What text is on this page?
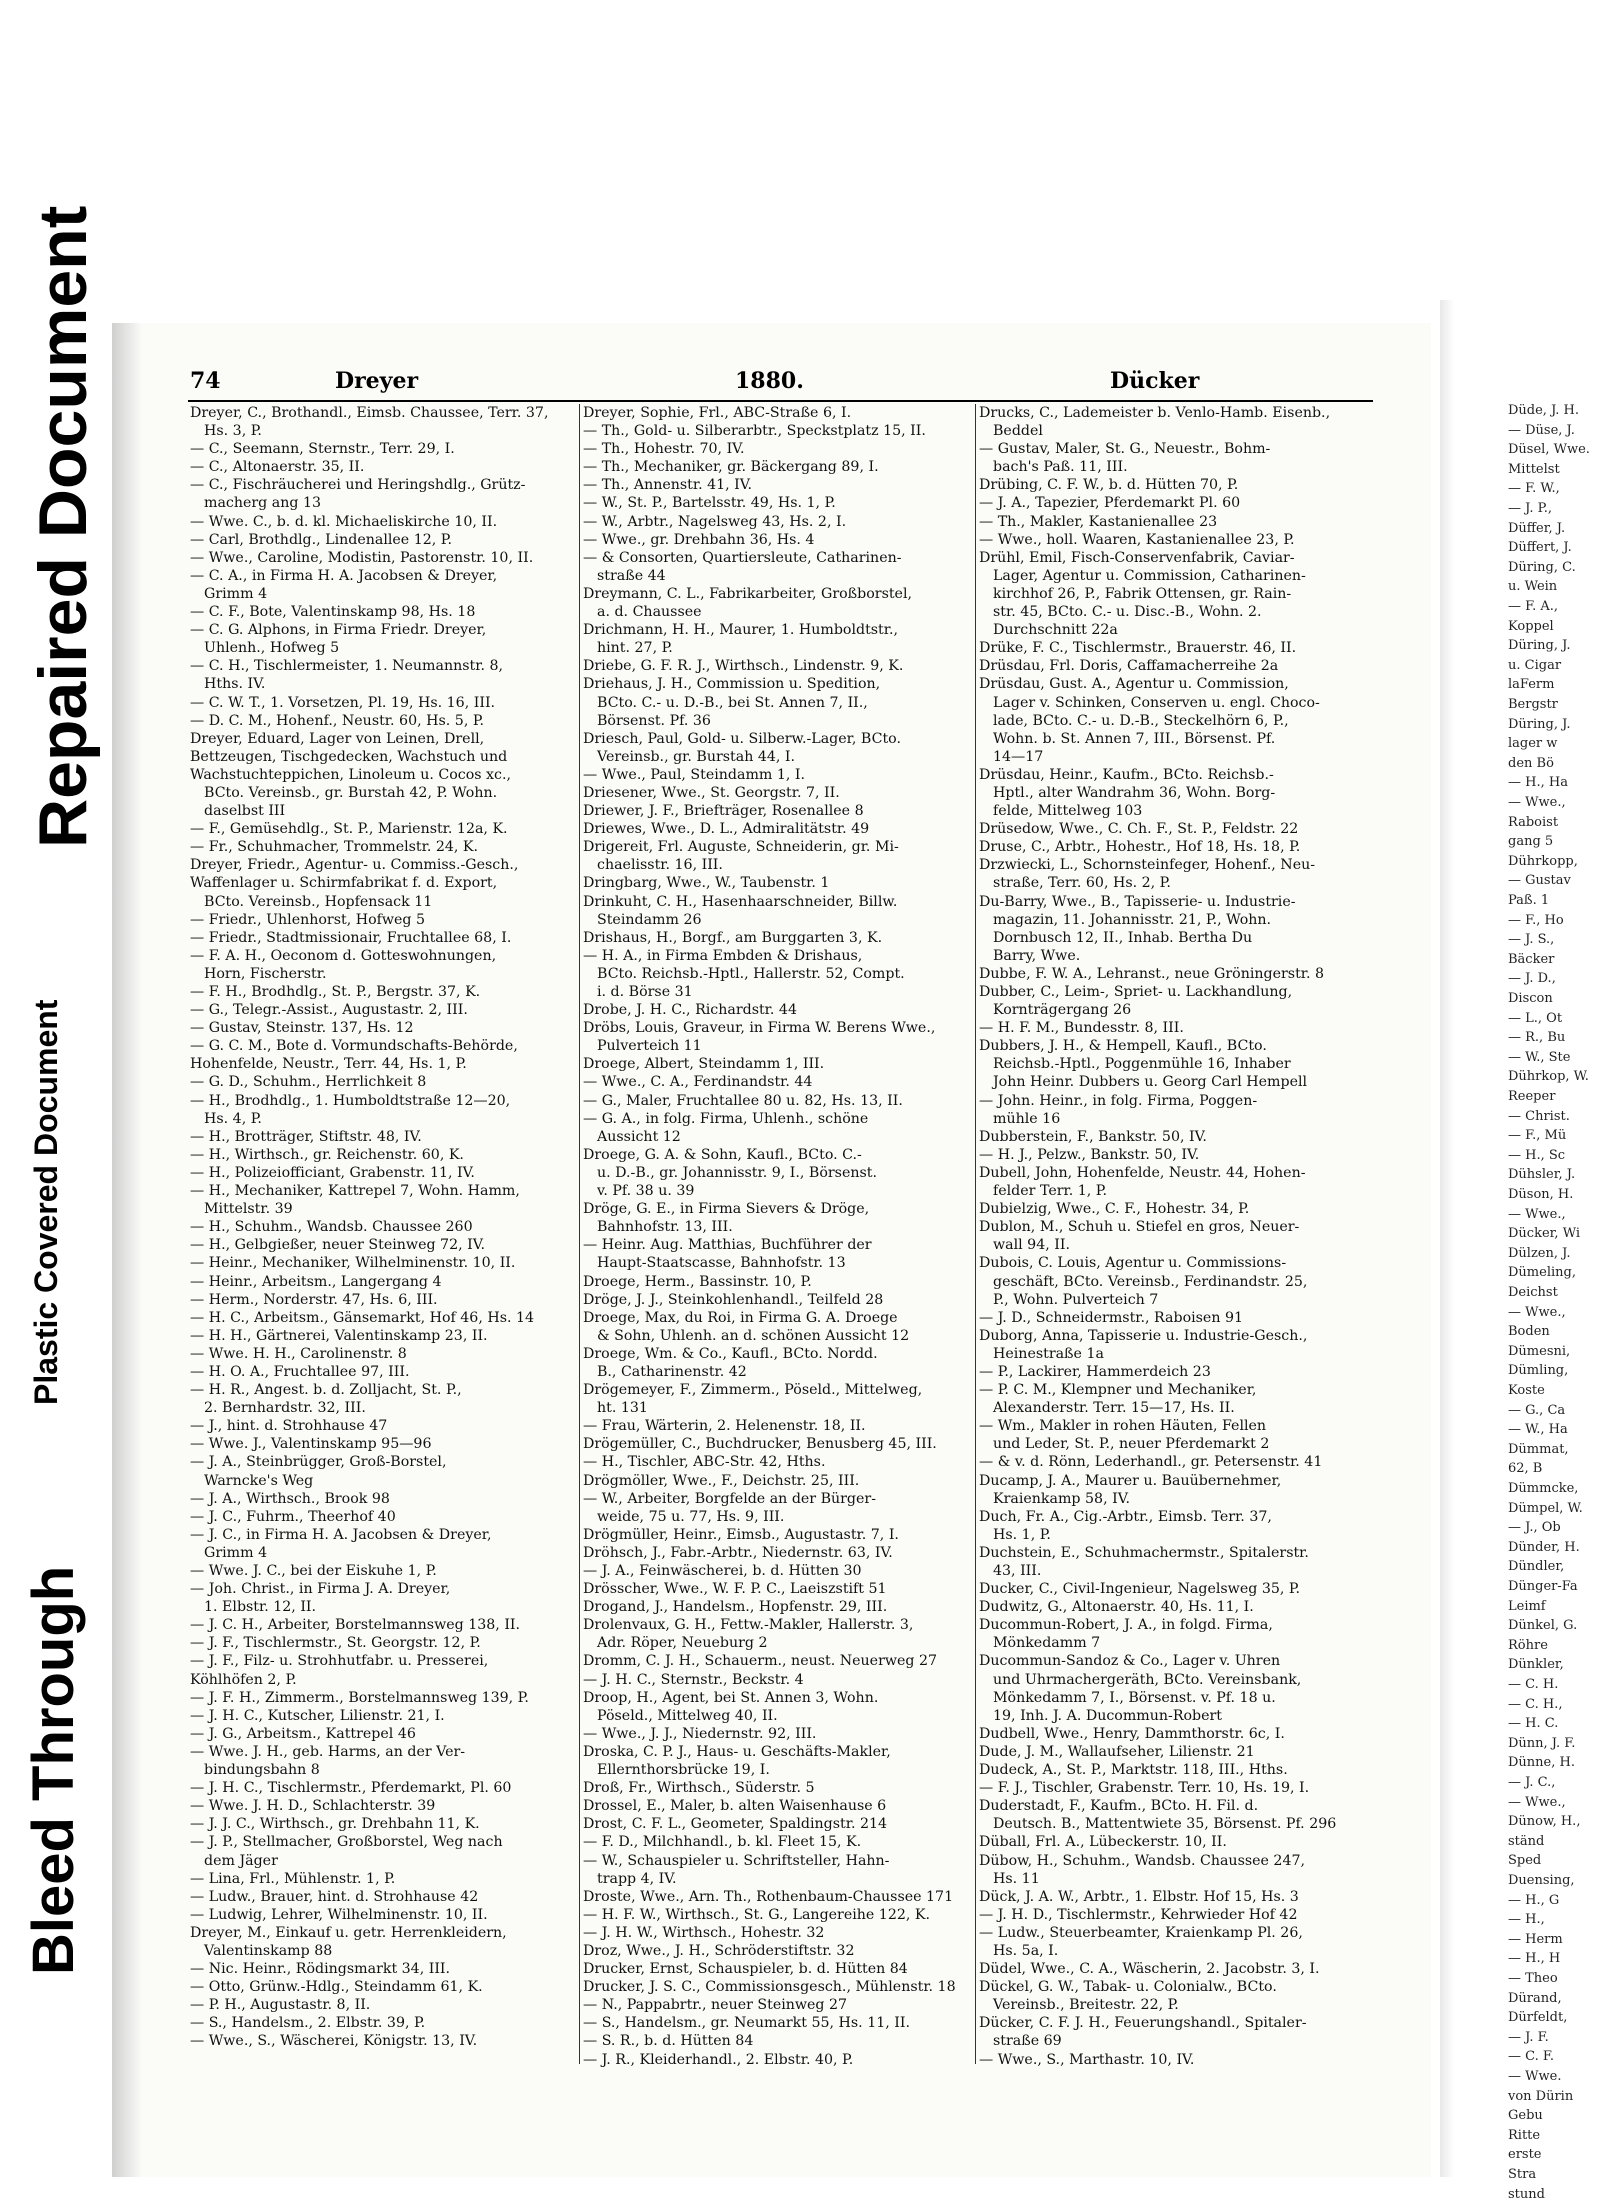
Repaired Document
Plastic Covered Document
Bleed Through
74	Dreyer	1880.	Dücker
Dreyer, C., Brothandl., Eimsb. Chaussee, Terr. 37,
Hs. 3, P.
— C., Seemann, Sternstr., Terr. 29, I.
— C., Altonaerstr. 35, II.
— C., Fischräucherei und Heringshdlg., Grütz-
macherg ang 13
— Wwe. C., b. d. kl. Michaeliskirche 10, II.
— Carl, Brothdlg., Lindenallee 12, P.
— Wwe., Caroline, Modistin, Pastorenstr. 10, II.
— C. A., in Firma H. A. Jacobsen & Dreyer,
Grimm 4
— C. F., Bote, Valentinskamp 98, Hs. 18
— C. G. Alphons, in Firma Friedr. Dreyer,
Uhlenh., Hofweg 5
— C. H., Tischlermeister, 1. Neumannstr. 8,
Hths. IV.
— C. W. T., 1. Vorsetzen, Pl. 19, Hs. 16, III.
— D. C. M., Hohenf., Neustr. 60, Hs. 5, P.
Dreyer, Eduard, Lager von Leinen, Drell,
Bettzeugen, Tischgedecken, Wachstuch und
Wachstuchteppichen, Linoleum u. Cocos xc.,
BCto. Vereinsb., gr. Burstah 42, P. Wohn.
daselbst III
— F., Gemüsehdlg., St. P., Marienstr. 12a, K.
— Fr., Schuhmacher, Trommelstr. 24, K.
Dreyer, Friedr., Agentur- u. Commiss.-Gesch.,
Waffenlager u. Schirmfabrikat f. d. Export,
BCto. Vereinsb., Hopfensack 11
— Friedr., Uhlenhorst, Hofweg 5
— Friedr., Stadtmissionair, Fruchtallee 68, I.
— F. A. H., Oeconom d. Gotteswohnungen,
Horn, Fischerstr.
— F. H., Brodhdlg., St. P., Bergstr. 37, K.
— G., Telegr.-Assist., Augustastr. 2, III.
— Gustav, Steinstr. 137, Hs. 12
— G. C. M., Bote d. Vormundschafts-Behörde,
Hohenfelde, Neustr., Terr. 44, Hs. 1, P.
— G. D., Schuhm., Herrlichkeit 8
— H., Brodhdlg., 1. Humboldtstraße 12—20,
Hs. 4, P.
— H., Brotträger, Stiftstr. 48, IV.
— H., Wirthsch., gr. Reichenstr. 60, K.
— H., Polizeiofficiant, Grabenstr. 11, IV.
— H., Mechaniker, Kattrepel 7, Wohn. Hamm,
Mittelstr. 39
— H., Schuhm., Wandsb. Chaussee 260
— H., Gelbgießer, neuer Steinweg 72, IV.
— Heinr., Mechaniker, Wilhelminenstr. 10, II.
— Heinr., Arbeitsm., Langergang 4
— Herm., Norderstr. 47, Hs. 6, III.
— H. C., Arbeitsm., Gänsemarkt, Hof 46, Hs. 14
— H. H., Gärtnerei, Valentinskamp 23, II.
— Wwe. H. H., Carolinenstr. 8
— H. O. A., Fruchtallee 97, III.
— H. R., Angest. b. d. Zolljacht, St. P.,
2. Bernhardstr. 32, III.
— J., hint. d. Strohhause 47
— Wwe. J., Valentinskamp 95—96
— J. A., Steinbrügger, Groß-Borstel,
Warncke's Weg
— J. A., Wirthsch., Brook 98
— J. C., Fuhrm., Theerhof 40
— J. C., in Firma H. A. Jacobsen & Dreyer,
Grimm 4
— Wwe. J. C., bei der Eiskuhe 1, P.
— Joh. Christ., in Firma J. A. Dreyer,
1. Elbstr. 12, II.
— J. C. H., Arbeiter, Borstelmannsweg 138, II.
— J. F., Tischlermstr., St. Georgstr. 12, P.
— J. F., Filz- u. Strohhutfabr. u. Presserei,
Köhlhöfen 2, P.
— J. F. H., Zimmerm., Borstelmannsweg 139, P.
— J. H. C., Kutscher, Lilienstr. 21, I.
— J. G., Arbeitsm., Kattrepel 46
— Wwe. J. H., geb. Harms, an der Ver-
bindungsbahn 8
— J. H. C., Tischlermstr., Pferdemarkt, Pl. 60
— Wwe. J. H. D., Schlachterstr. 39
— J. J. C., Wirthsch., gr. Drehbahn 11, K.
— J. P., Stellmacher, Großborstel, Weg nach
dem Jäger
— Lina, Frl., Mühlenstr. 1, P.
— Ludw., Brauer, hint. d. Strohhause 42
— Ludwig, Lehrer, Wilhelminenstr. 10, II.
Dreyer, M., Einkauf u. getr. Herrenkleidern,
Valentinskamp 88
— Nic. Heinr., Rödingsmarkt 34, III.
— Otto, Grünw.-Hdlg., Steindamm 61, K.
— P. H., Augustastr. 8, II.
— S., Handelsm., 2. Elbstr. 39, P.
— Wwe., S., Wäscherei, Königstr. 13, IV.
Dreyer, Sophie, Frl., ABC-Straße 6, I.
— Th., Gold- u. Silberarbtr., Speckstplatz 15, II.
— Th., Hohestr. 70, IV.
— Th., Mechaniker, gr. Bäckergang 89, I.
— Th., Annenstr. 41, IV.
— W., St. P., Bartelsstr. 49, Hs. 1, P.
— W., Arbtr., Nagelsweg 43, Hs. 2, I.
— Wwe., gr. Drehbahn 36, Hs. 4
— & Consorten, Quartiersleute, Catharinen-
straße 44
Dreymann, C. L., Fabrikarbeiter, Großborstel,
a. d. Chaussee
Drichmann, H. H., Maurer, 1. Humboldtstr.,
hint. 27, P.
Driebe, G. F. R. J., Wirthsch., Lindenstr. 9, K.
Driehaus, J. H., Commission u. Spedition,
BCto. C.- u. D.-B., bei St. Annen 7, II.,
Börsenst. Pf. 36
Driesch, Paul, Gold- u. Silberw.-Lager, BCto.
Vereinsb., gr. Burstah 44, I.
— Wwe., Paul, Steindamm 1, I.
Driesener, Wwe., St. Georgstr. 7, II.
Driewer, J. F., Briefträger, Rosenallee 8
Driewes, Wwe., D. L., Admiralitätstr. 49
Drigereit, Frl. Auguste, Schneiderin, gr. Mi-
chaelisstr. 16, III.
Dringbarg, Wwe., W., Taubenstr. 1
Drinkuht, C. H., Hasenhaarschneider, Billw.
Steindamm 26
Drishaus, H., Borgf., am Burggarten 3, K.
— H. A., in Firma Embden & Drishaus,
BCto. Reichsb.-Hptl., Hallerstr. 52, Compt.
i. d. Börse 31
Drobe, J. H. C., Richardstr. 44
Dröbs, Louis, Graveur, in Firma W. Berens Wwe.,
Pulverteich 11
Droege, Albert, Steindamm 1, III.
— Wwe., C. A., Ferdinandstr. 44
— G., Maler, Fruchtallee 80 u. 82, Hs. 13, II.
— G. A., in folg. Firma, Uhlenh., schöne
Aussicht 12
Droege, G. A. & Sohn, Kaufl., BCto. C.-
u. D.-B., gr. Johannisstr. 9, I., Börsenst.
v. Pf. 38 u. 39
Dröge, G. E., in Firma Sievers & Dröge,
Bahnhofstr. 13, III.
— Heinr. Aug. Matthias, Buchführer der
Haupt-Staatscasse, Bahnhofstr. 13
Droege, Herm., Bassinstr. 10, P.
Dröge, J. J., Steinkohlenhandl., Teilfeld 28
Droege, Max, du Roi, in Firma G. A. Droege
& Sohn, Uhlenh. an d. schönen Aussicht 12
Droege, Wm. & Co., Kaufl., BCto. Nordd.
B., Catharinenstr. 42
Drögemeyer, F., Zimmerm., Pöseld., Mittelweg,
ht. 131
— Frau, Wärterin, 2. Helenenstr. 18, II.
Drögemüller, C., Buchdrucker, Benusberg 45, III.
— H., Tischler, ABC-Str. 42, Hths.
Drögmöller, Wwe., F., Deichstr. 25, III.
— W., Arbeiter, Borgfelde an der Bürger-
weide, 75 u. 77, Hs. 9, III.
Drögmüller, Heinr., Eimsb., Augustastr. 7, I.
Dröhsch, J., Fabr.-Arbtr., Niedernstr. 63, IV.
— J. A., Feinwäscherei, b. d. Hütten 30
Drösscher, Wwe., W. F. P. C., Laeiszstift 51
Drogand, J., Handelsm., Hopfenstr. 29, III.
Drolenvaux, G. H., Fettw.-Makler, Hallerstr. 3,
Adr. Röper, Neueburg 2
Dromm, C. J. H., Schauerm., neust. Neuerweg 27
— J. H. C., Sternstr., Beckstr. 4
Droop, H., Agent, bei St. Annen 3, Wohn.
Pöseld., Mittelweg 40, II.
— Wwe., J. J., Niedernstr. 92, III.
Droska, C. P. J., Haus- u. Geschäfts-Makler,
Ellernthorsbrücke 19, I.
Droß, Fr., Wirthsch., Süderstr. 5
Drossel, E., Maler, b. alten Waisenhause 6
Drost, C. F. L., Geometer, Spaldingstr. 214
— F. D., Milchhandl., b. kl. Fleet 15, K.
— W., Schauspieler u. Schriftsteller, Hahn-
trapp 4, IV.
Droste, Wwe., Arn. Th., Rothenbaum-Chaussee 171
— H. F. W., Wirthsch., St. G., Langereihe 122, K.
— J. H. W., Wirthsch., Hohestr. 32
Droz, Wwe., J. H., Schröderstiftstr. 32
Drucker, Ernst, Schauspieler, b. d. Hütten 84
Drucker, J. S. C., Commissionsgesch., Mühlenstr. 18
— N., Pappabrtr., neuer Steinweg 27
— S., Handelsm., gr. Neumarkt 55, Hs. 11, II.
— S. R., b. d. Hütten 84
— J. R., Kleiderhandl., 2. Elbstr. 40, P.
Drucks, C., Lademeister b. Venlo-Hamb. Eisenb.,
Beddel
— Gustav, Maler, St. G., Neuestr., Bohm-
bach's Paß. 11, III.
Drübing, C. F. W., b. d. Hütten 70, P.
— J. A., Tapezier, Pferdemarkt Pl. 60
— Th., Makler, Kastanienallee 23
— Wwe., holl. Waaren, Kastanienallee 23, P.
Drühl, Emil, Fisch-Conservenfabrik, Caviar-
Lager, Agentur u. Commission, Catharinen-
kirchhof 26, P., Fabrik Ottensen, gr. Rain-
str. 45, BCto. C.- u. Disc.-B., Wohn. 2.
Durchschnitt 22a
Drüke, F. C., Tischlermstr., Brauerstr. 46, II.
Drüsdau, Frl. Doris, Caffamacherreihe 2a
Drüsdau, Gust. A., Agentur u. Commission,
Lager v. Schinken, Conserven u. engl. Choco-
lade, BCto. C.- u. D.-B., Steckelhörn 6, P.,
Wohn. b. St. Annen 7, III., Börsenst. Pf.
14—17
Drüsdau, Heinr., Kaufm., BCto. Reichsb.-
Hptl., alter Wandrahm 36, Wohn. Borg-
felde, Mittelweg 103
Drüsedow, Wwe., C. Ch. F., St. P., Feldstr. 22
Druse, C., Arbtr., Hohestr., Hof 18, Hs. 18, P.
Drzwiecki, L., Schornsteinfeger, Hohenf., Neu-
straße, Terr. 60, Hs. 2, P.
Du-Barry, Wwe., B., Tapisserie- u. Industrie-
magazin, 11. Johannisstr. 21, P., Wohn.
Dornbusch 12, II., Inhab. Bertha Du
Barry, Wwe.
Dubbe, F. W. A., Lehranst., neue Gröningerstr. 8
Dubber, C., Leim-, Spriet- u. Lackhandlung,
Kornträgergang 26
— H. F. M., Bundesstr. 8, III.
Dubbers, J. H., & Hempell, Kaufl., BCto.
Reichsb.-Hptl., Poggenmühle 16, Inhaber
John Heinr. Dubbers u. Georg Carl Hempell
— John. Heinr., in folg. Firma, Poggen-
mühle 16
Dubberstein, F., Bankstr. 50, IV.
— H. J., Pelzw., Bankstr. 50, IV.
Dubell, John, Hohenfelde, Neustr. 44, Hohen-
felder Terr. 1, P.
Dubielzig, Wwe., C. F., Hohestr. 34, P.
Dublon, M., Schuh u. Stiefel en gros, Neuer-
wall 94, II.
Dubois, C. Louis, Agentur u. Commissions-
geschäft, BCto. Vereinsb., Ferdinandstr. 25,
P., Wohn. Pulverteich 7
— J. D., Schneidermstr., Raboisen 91
Duborg, Anna, Tapisserie u. Industrie-Gesch.,
Heinestraße 1a
— P., Lackirer, Hammerdeich 23
— P. C. M., Klempner und Mechaniker,
Alexanderstr. Terr. 15—17, Hs. II.
— Wm., Makler in rohen Häuten, Fellen
und Leder, St. P., neuer Pferdemarkt 2
— & v. d. Rönn, Lederhandl., gr. Petersenstr. 41
Ducamp, J. A., Maurer u. Bauübernehmer,
Kraienkamp 58, IV.
Duch, Fr. A., Cig.-Arbtr., Eimsb. Terr. 37,
Hs. 1, P.
Duchstein, E., Schuhmachermstr., Spitalerstr.
43, III.
Ducker, C., Civil-Ingenieur, Nagelsweg 35, P.
Dudwitz, G., Altonaerstr. 40, Hs. 11, I.
Ducommun-Robert, J. A., in folgd. Firma,
Mönkedamm 7
Ducommun-Sandoz & Co., Lager v. Uhren
und Uhrmachergeräth, BCto. Vereinsbank,
Mönkedamm 7, I., Börsenst. v. Pf. 18 u.
19, Inh. J. A. Ducommun-Robert
Dudbell, Wwe., Henry, Dammthorstr. 6c, I.
Dude, J. M., Wallaufseher, Lilienstr. 21
Dudeck, A., St. P., Marktstr. 118, III., Hths.
— F. J., Tischler, Grabenstr. Terr. 10, Hs. 19, I.
Duderstadt, F., Kaufm., BCto. H. Fil. d.
Deutsch. B., Mattentwiete 35, Börsenst. Pf. 296
Düball, Frl. A., Lübeckerstr. 10, II.
Dübow, H., Schuhm., Wandsb. Chaussee 247,
Hs. 11
Dück, J. A. W., Arbtr., 1. Elbstr. Hof 15, Hs. 3
— J. H. D., Tischlermstr., Kehrwieder Hof 42
— Ludw., Steuerbeamter, Kraienkamp Pl. 26,
Hs. 5a, I.
Düdel, Wwe., C. A., Wäscherin, 2. Jacobstr. 3, I.
Dückel, G. W., Tabak- u. Colonialw., BCto.
Vereinsb., Breitestr. 22, P.
Dücker, C. F. J. H., Feuerungshandl., Spitaler-
straße 69
— Wwe., S., Marthastr. 10, IV.
Düde, J. H.
— Düse, J.
Düsel, Wwe.
Mittelst
— F. W.,
— J. P.,
Düffer, J.
Düffert, J.
Düring, C.
u. Wein
— F. A.,
Koppel
Düring, J.
u. Cigar
laFerm
Bergstr
Düring, J.
lager w
den Bö
— H., Ha
— Wwe.,
Raboist
gang 5
Dührkopp,
— Gustav
Paß. 1
— F., Ho
— J. S.,
Bäcker
— J. D.,
Discon
— L., Ot
— R., Bu
— W., Ste
Dührkop, W.
Reeper
— Christ.
— F., Mü
— H., Sc
Dühsler, J.
Düson, H.
— Wwe.,
Dücker, Wi
Dülzen, J.
Dümeling,
Deichst
— Wwe.,
Boden
Dümesni,
Dümling,
Koste
— G., Ca
— W., Ha
Dümmat,
62, B
Dümmcke,
Dümpel, W.
— J., Ob
Dünder, H.
Dündler,
Dünger-Fa
Leimf
Dünkel, G.
Röhre
Dünkler,
— C. H.
— C. H.,
— H. C.
Dünn, J. F.
Dünne, H.
— J. C.,
— Wwe.,
Dünow, H.,
ständ
Sped
Duensing,
— H., G
— H.,
— Herm
— H., H
— Theo
Dürand,
Dürfeldt,
— J. F.
— C. F.
— Wwe.
von Dürin
Gebu
Ritte
erste
Stra
stund
